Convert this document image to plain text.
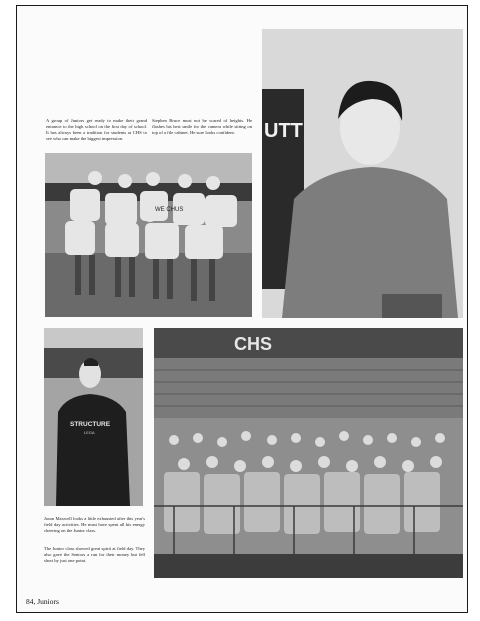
A group of Juniors get ready to make their grand entrance to the high school on the first day of school. It has always been a tradition for students at CHS to see who can make the biggest impression.
Stephen Bruce must not be scared of heights. He flashes his best smile for the camera while sitting on top of a file cabinet. He sure looks confident.
WE CHUS
UTT
STRUCTURE
LEGA
Jason Maxwell looks a little exhausted after this year's field day activities. He must have spent all his energy cheering on the Junior class.
The Junior class showed great spirit at field day. They also gave the Seniors a run for their money but fell short by just one point.
CHS
84, Juniors
